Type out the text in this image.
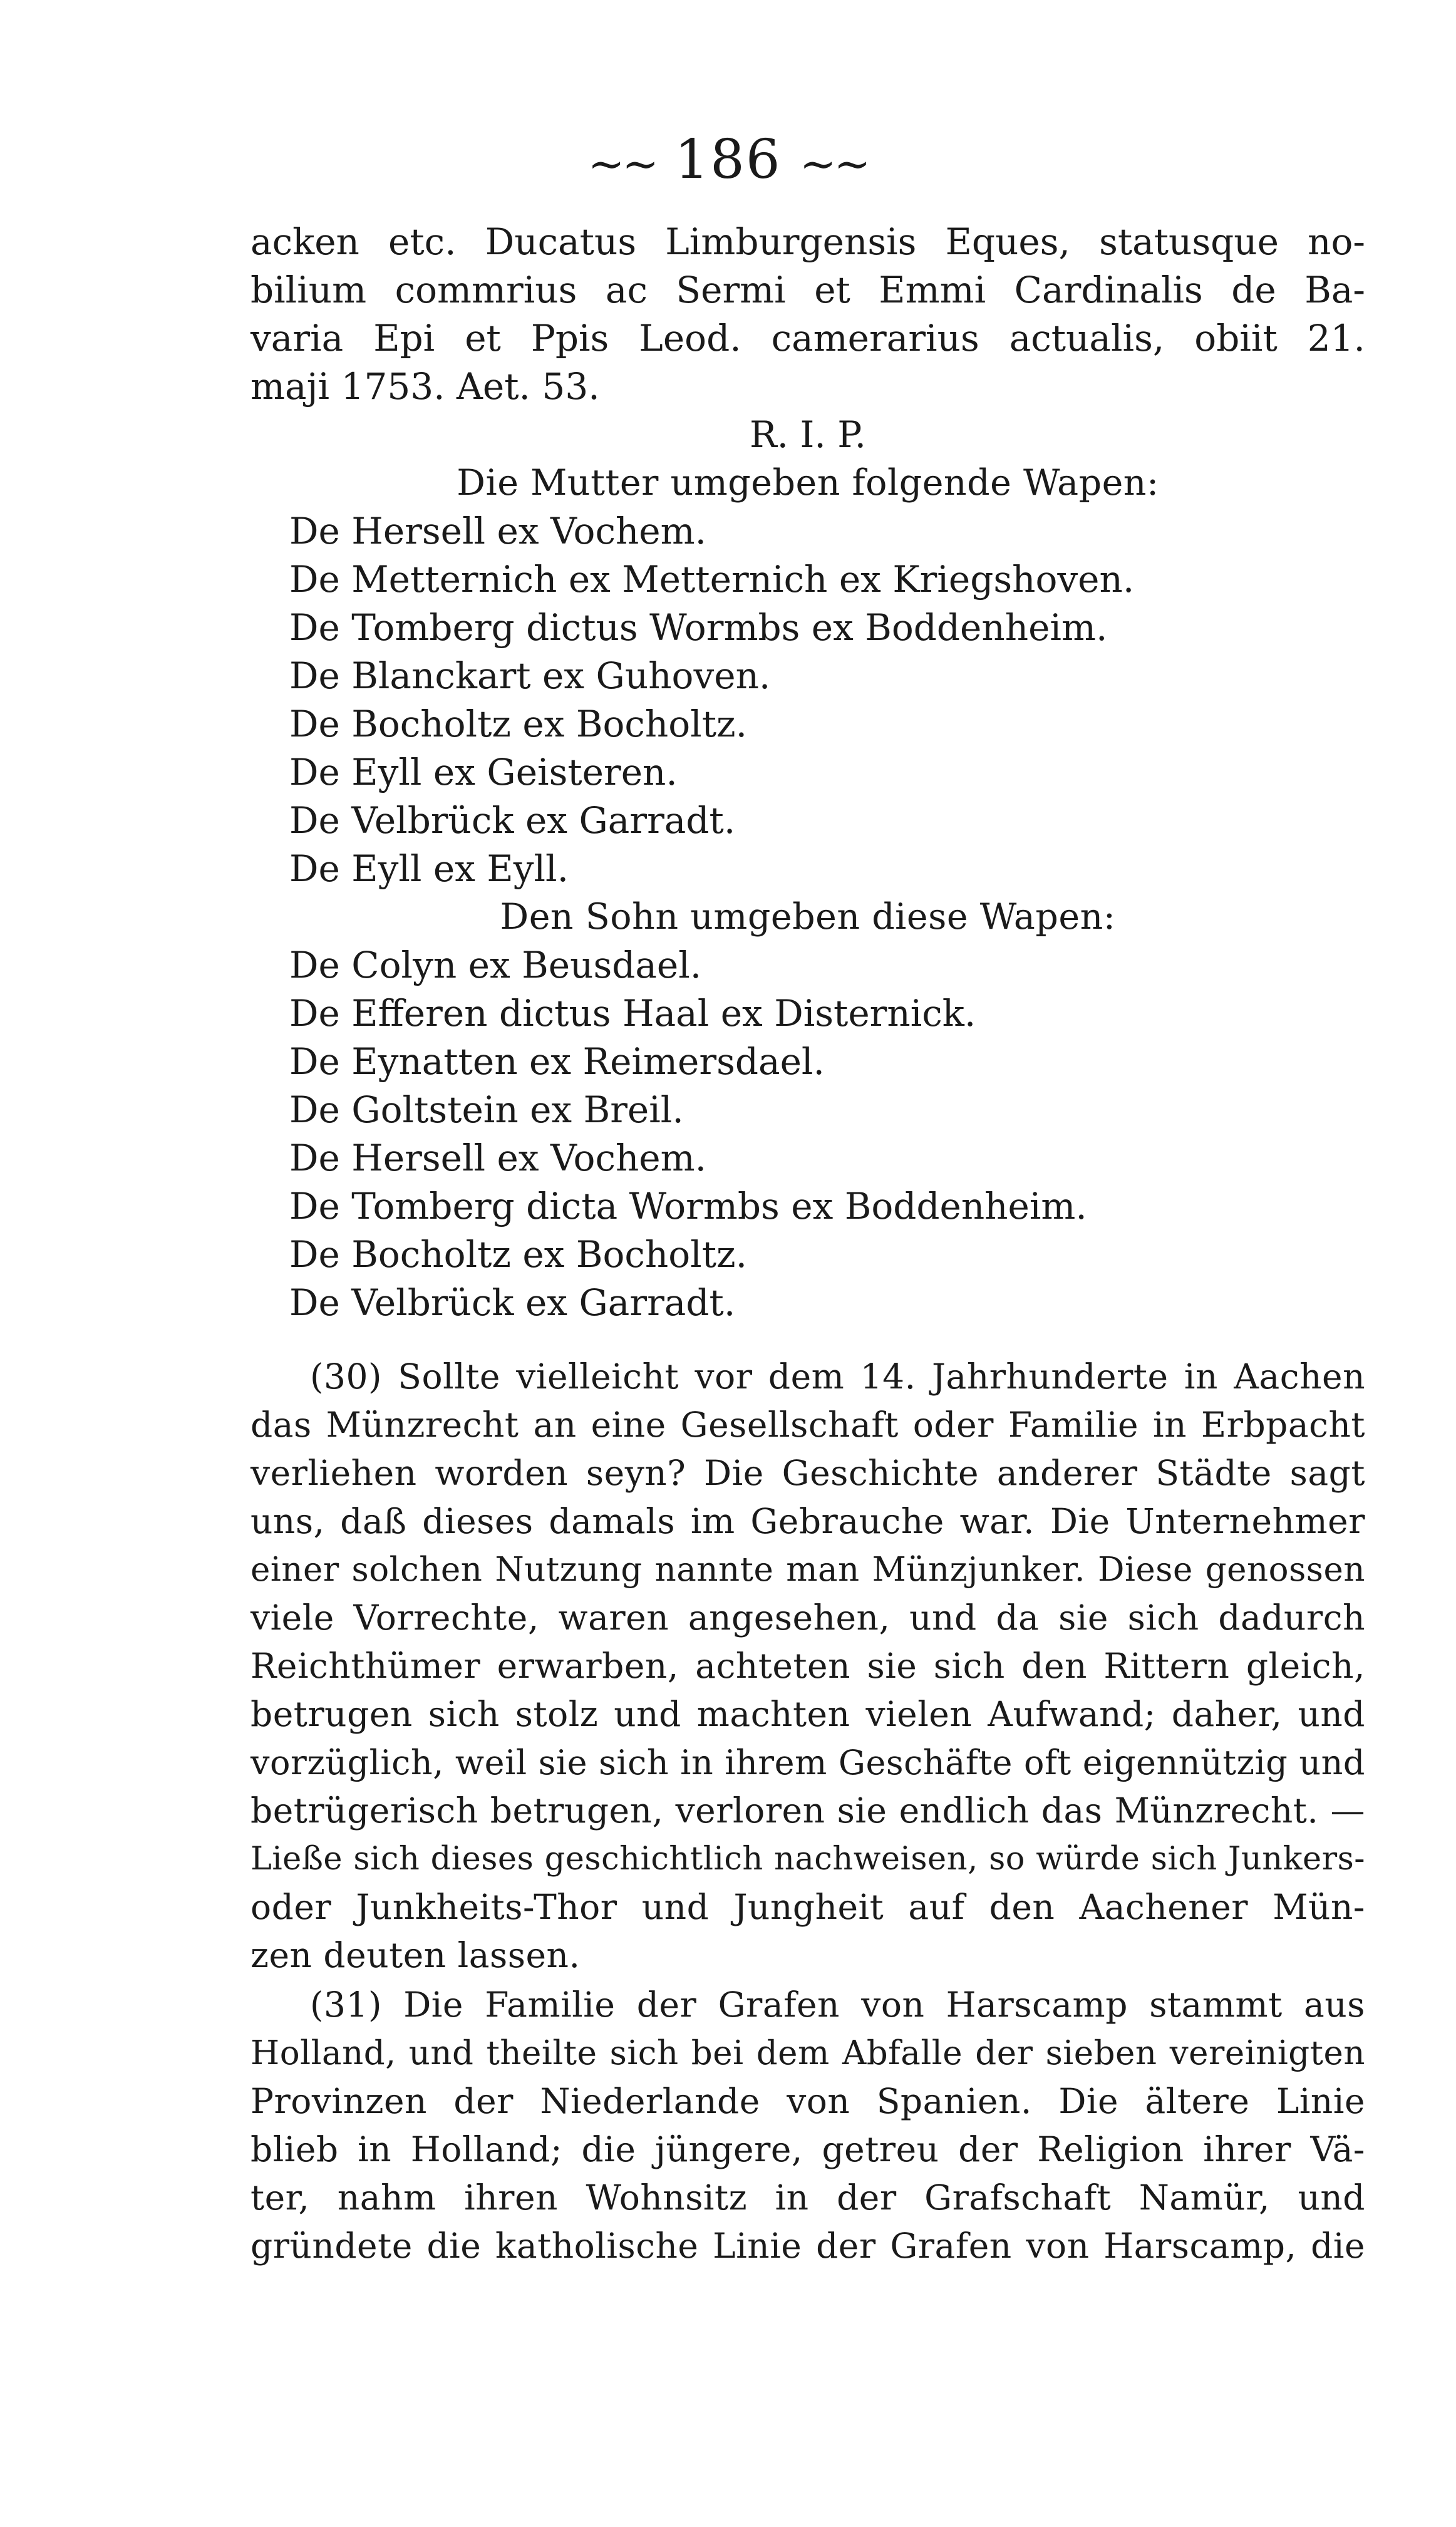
~~ 186 ~~
acken etc. Ducatus Limburgensis Eques, statusque no-
bilium commrius ac Sermi et Emmi Cardinalis de Ba-
varia Epi et Ppis Leod. camerarius actualis, obiit 21.
maji 1753. Aet. 53.
R. I. P.
Die Mutter umgeben folgende Wapen:
De Hersell ex Vochem.
De Metternich ex Metternich ex Kriegshoven.
De Tomberg dictus Wormbs ex Boddenheim.
De Blanckart ex Guhoven.
De Bocholtz ex Bocholtz.
De Eyll ex Geisteren.
De Velbrück ex Garradt.
De Eyll ex Eyll.
Den Sohn umgeben diese Wapen:
De Colyn ex Beusdael.
De Efferen dictus Haal ex Disternick.
De Eynatten ex Reimersdael.
De Goltstein ex Breil.
De Hersell ex Vochem.
De Tomberg dicta Wormbs ex Boddenheim.
De Bocholtz ex Bocholtz.
De Velbrück ex Garradt.
(30) Sollte vielleicht vor dem 14. Jahrhunderte in Aachen
das Münzrecht an eine Gesellschaft oder Familie in Erbpacht
verliehen worden seyn? Die Geschichte anderer Städte sagt
uns, daß dieses damals im Gebrauche war. Die Unternehmer
einer solchen Nutzung nannte man Münzjunker. Diese genossen
viele Vorrechte, waren angesehen, und da sie sich dadurch
Reichthümer erwarben, achteten sie sich den Rittern gleich,
betrugen sich stolz und machten vielen Aufwand; daher, und
vorzüglich, weil sie sich in ihrem Geschäfte oft eigennützig und
betrügerisch betrugen, verloren sie endlich das Münzrecht. —
Ließe sich dieses geschichtlich nachweisen, so würde sich Junkers-
oder Junkheits-Thor und Jungheit auf den Aachener Mün-
zen deuten lassen.
(31) Die Familie der Grafen von Harscamp stammt aus
Holland, und theilte sich bei dem Abfalle der sieben vereinigten
Provinzen der Niederlande von Spanien. Die ältere Linie
blieb in Holland; die jüngere, getreu der Religion ihrer Vä-
ter, nahm ihren Wohnsitz in der Grafschaft Namür, und
gründete die katholische Linie der Grafen von Harscamp, die
